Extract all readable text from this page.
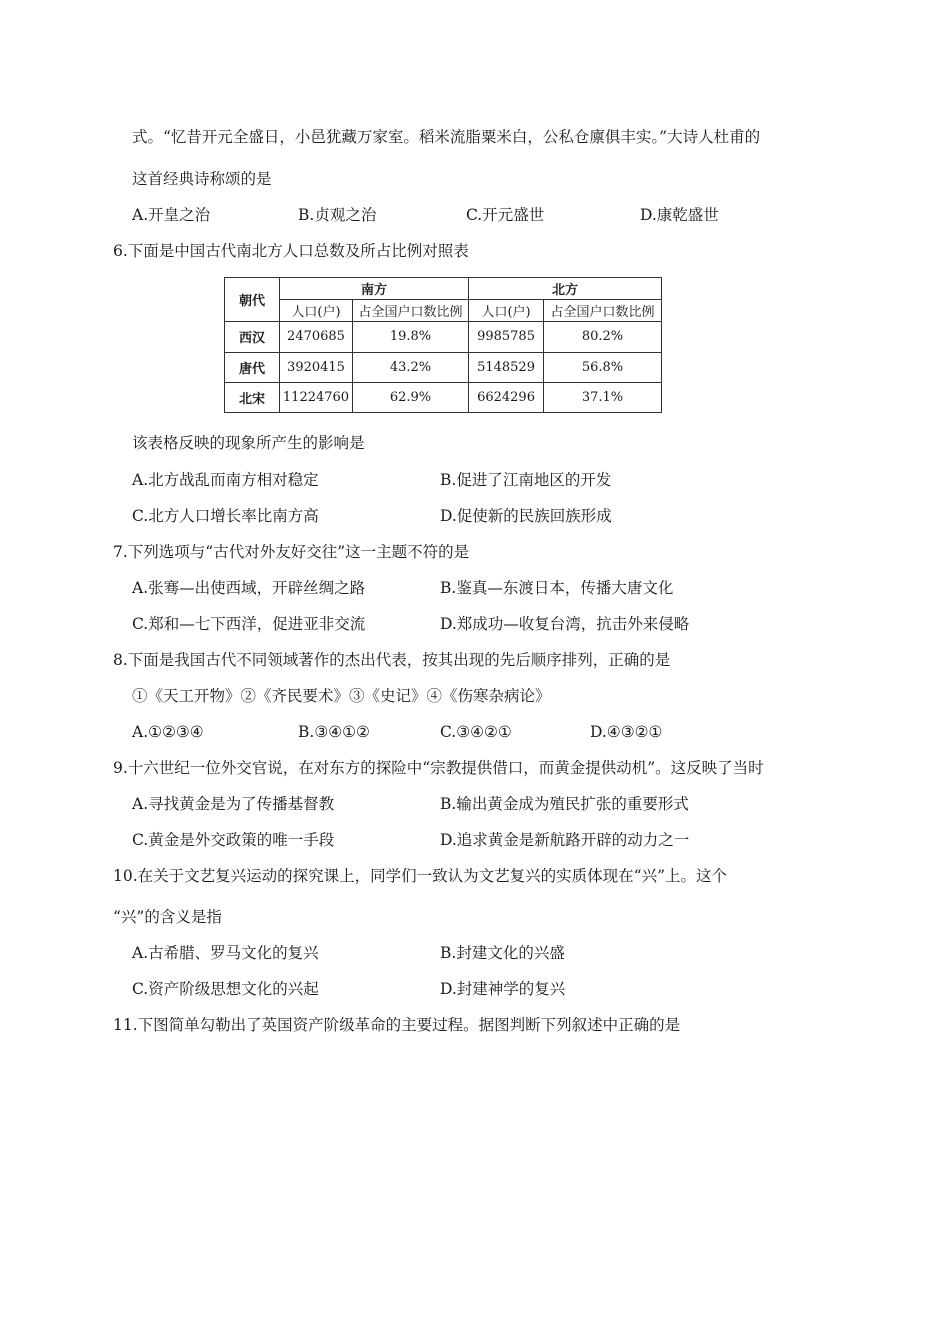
式。“忆昔开元全盛日，小邑犹藏万家室。稻米流脂粟米白，公私仓廪俱丰实。”大诗人杜甫的
这首经典诗称颂的是
A.开皇之治	B.贞观之治	C.开元盛世	D.康乾盛世
6.下面是中国古代南北方人口总数及所占比例对照表
朝代	南方		北方	
	人口(户)	占全国户口数比例	人口(户)	占全国户口数比例
西汉	2470685	19.8%	9985785	80.2%
唐代	3920415	43.2%	5148529	56.8%
北宋	11224760	62.9%	6624296	37.1%
该表格反映的现象所产生的影响是
A.北方战乱而南方相对稳定	B.促进了江南地区的开发
C.北方人口增长率比南方高	D.促使新的民族回族形成
7.下列选项与“古代对外友好交往”这一主题不符的是
A.张骞—出使西域，开辟丝绸之路	B.鉴真—东渡日本，传播大唐文化
C.郑和—七下西洋，促进亚非交流	D.郑成功—收复台湾，抗击外来侵略
8.下面是我国古代不同领域著作的杰出代表，按其出现的先后顺序排列，正确的是
①《天工开物》②《齐民要术》③《史记》④《伤寒杂病论》
A.①②③④	B.③④①②	C.③④②①	D.④③②①
9.十六世纪一位外交官说，在对东方的探险中“宗教提供借口，而黄金提供动机”。这反映了当时
A.寻找黄金是为了传播基督教	B.输出黄金成为殖民扩张的重要形式
C.黄金是外交政策的唯一手段	D.追求黄金是新航路开辟的动力之一
10.在关于文艺复兴运动的探究课上，同学们一致认为文艺复兴的实质体现在“兴”上。这个
“兴”的含义是指
A.古希腊、罗马文化的复兴	B.封建文化的兴盛
C.资产阶级思想文化的兴起	D.封建神学的复兴
11.下图简单勾勒出了英国资产阶级革命的主要过程。据图判断下列叙述中正确的是
